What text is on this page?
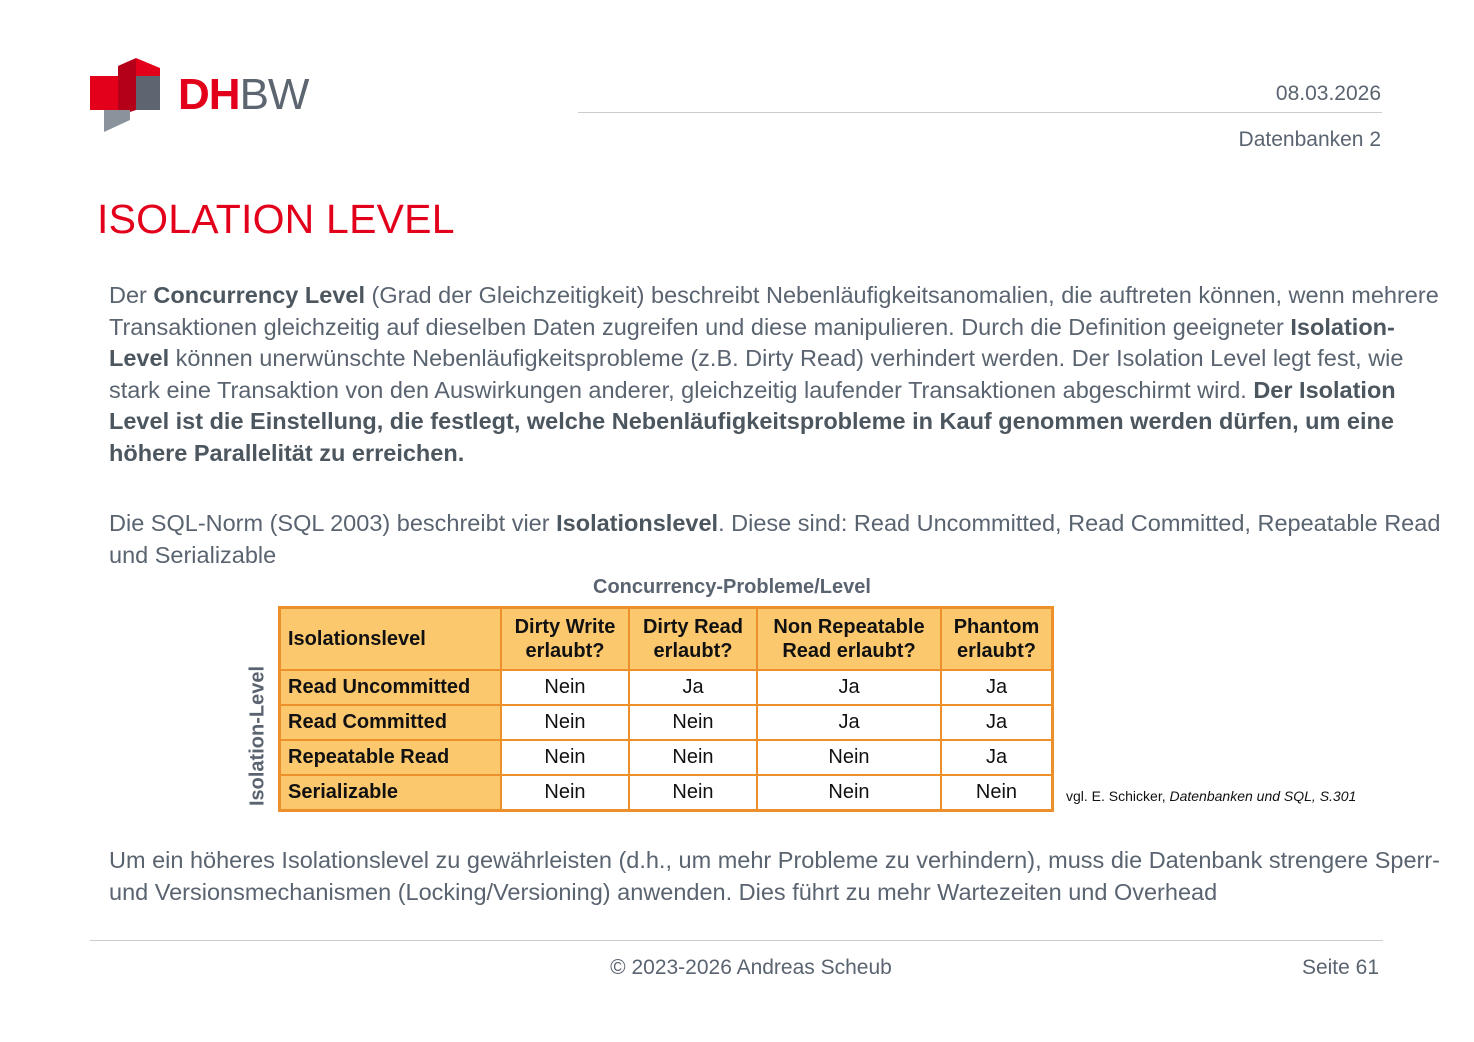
DHBW	08.03.2026
Datenbanken 2
ISOLATION LEVEL

Der Concurrency Level (Grad der Gleichzeitigkeit) beschreibt Nebenläufigkeitsanomalien, die auftreten können, wenn mehrere Transaktionen gleichzeitig auf dieselben Daten zugreifen und diese manipulieren. Durch die Definition geeigneter Isolation-Level können unerwünschte Nebenläufigkeitsprobleme (z.B. Dirty Read) verhindert werden. Der Isolation Level legt fest, wie stark eine Transaktion von den Auswirkungen anderer, gleichzeitig laufender Transaktionen abgeschirmt wird. Der Isolation Level ist die Einstellung, die festlegt, welche Nebenläufigkeitsprobleme in Kauf genommen werden dürfen, um eine höhere Parallelität zu erreichen.

Die SQL-Norm (SQL 2003) beschreibt vier Isolationslevel. Diese sind: Read Uncommitted, Read Committed, Repeatable Read und Serializable

Concurrency-Probleme/Level
Isolation-Level
Isolationslevel	Dirty Write erlaubt?	Dirty Read erlaubt?	Non Repeatable Read erlaubt?	Phantom erlaubt?
Read Uncommitted	Nein	Ja	Ja	Ja
Read Committed	Nein	Nein	Ja	Ja
Repeatable Read	Nein	Nein	Nein	Ja
Serializable	Nein	Nein	Nein	Nein	vgl. E. Schicker, Datenbanken und SQL, S.301

Um ein höheres Isolationslevel zu gewährleisten (d.h., um mehr Probleme zu verhindern), muss die Datenbank strengere Sperr- und Versionsmechanismen (Locking/Versioning) anwenden. Dies führt zu mehr Wartezeiten und Overhead

© 2023-2026 Andreas Scheub	Seite 61
